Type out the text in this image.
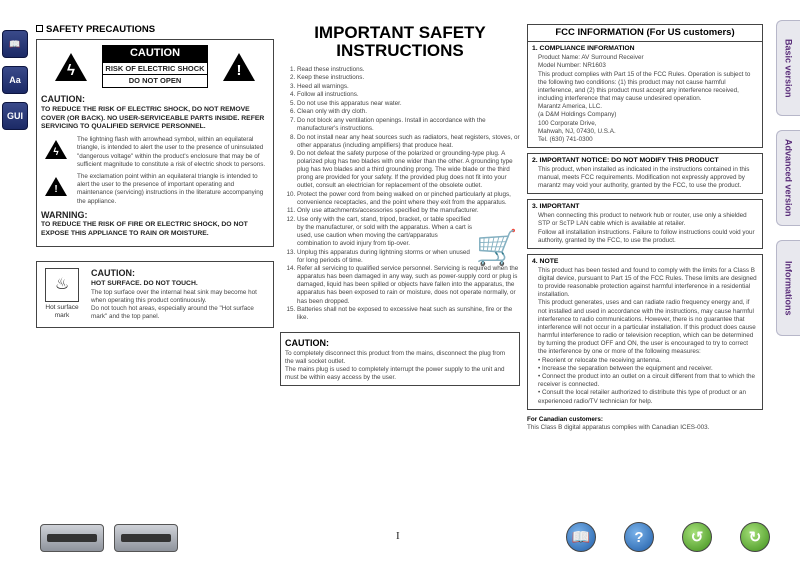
📖
Aa
GUI
Basic version
Advanced version
Informations
SAFETY PRECAUTIONS
ϟ
CAUTION
RISK OF ELECTRIC SHOCK
DO NOT OPEN
!
CAUTION:
TO REDUCE THE RISK OF ELECTRIC SHOCK, DO NOT REMOVE COVER (OR BACK). NO USER-SERVICEABLE PARTS INSIDE. REFER SERVICING TO QUALIFIED SERVICE PERSONNEL.
ϟ

The lightning flash with arrowhead symbol, within an equilateral triangle, is intended to alert the user to the presence of uninsulated "dangerous voltage" within the product's enclosure that may be of sufficient magnitude to constitute a risk of electric shock to persons.

!

The exclamation point within an equilateral triangle is intended to alert the user to the presence of important operating and maintenance (servicing) instructions in the literature accompanying the appliance.

WARNING:
TO REDUCE THE RISK OF FIRE OR ELECTRIC SHOCK, DO NOT EXPOSE THIS APPLIANCE TO RAIN OR MOISTURE.
♨
Hot surface mark
CAUTION:
HOT SURFACE. DO NOT TOUCH.

The top surface over the internal heat sink may become hot when operating this product continuously.

Do not touch hot areas, especially around the "Hot surface mark" and the top panel.

IMPORTANT SAFETY INSTRUCTIONS
🛒
1. Read these instructions.
2. Keep these instructions.
3. Heed all warnings.
4. Follow all instructions.
5. Do not use this apparatus near water.
6. Clean only with dry cloth.
7. Do not block any ventilation openings. Install in accordance with the manufacturer's instructions.
8. Do not install near any heat sources such as radiators, heat registers, stoves, or other apparatus (including amplifiers) that produce heat.
9. Do not defeat the safety purpose of the polarized or grounding-type plug. A polarized plug has two blades with one wider than the other. A grounding type plug has two blades and a third grounding prong. The wide blade or the third prong are provided for your safety. If the provided plug does not fit into your outlet, consult an electrician for replacement of the obsolete outlet.
10. Protect the power cord from being walked on or pinched particularly at plugs, convenience receptacles, and the point where they exit from the apparatus.
11. Only use attachments/accessories specified by the manufacturer.
12. Use only with the cart, stand, tripod, bracket, or table specified by the manufacturer, or sold with the apparatus. When a cart is used, use caution when moving the cart/apparatus combination to avoid injury from tip-over.
13. Unplug this apparatus during lightning storms or when unused for long periods of time.
14. Refer all servicing to qualified service personnel. Servicing is required when the apparatus has been damaged in any way, such as power-supply cord or plug is damaged, liquid has been spilled or objects have fallen into the apparatus, the apparatus has been exposed to rain or moisture, does not operate normally, or has been dropped.
15. Batteries shall not be exposed to excessive heat such as sunshine, fire or the like.
CAUTION:

To completely disconnect this product from the mains, disconnect the plug from the wall socket outlet.

The mains plug is used to completely interrupt the power supply to the unit and must be within easy access by the user.

FCC INFORMATION (For US customers)
1. COMPLIANCE INFORMATION

Product Name: AV Surround Receiver

Model Number: NR1603

This product complies with Part 15 of the FCC Rules. Operation is subject to the following two conditions: (1) this product may not cause harmful interference, and (2) this product must accept any interference received, including interference that may cause undesired operation.

Marantz America, LLC.

(a D&M Holdings Company)

100 Corporate Drive,

Mahwah, NJ, 07430, U.S.A.

Tel. (630) 741-0300

2. IMPORTANT NOTICE: DO NOT MODIFY THIS PRODUCT

This product, when installed as indicated in the instructions contained in this manual, meets FCC requirements. Modification not expressly approved by marantz may void your authority, granted by the FCC, to use the product.

3. IMPORTANT

When connecting this product to network hub or router, use only a shielded STP or ScTP LAN cable which is available at retailer.

Follow all installation instructions. Failure to follow instructions could void your authority, granted by the FCC, to use the product.

4. NOTE

This product has been tested and found to comply with the limits for a Class B digital device, pursuant to Part 15 of the FCC Rules. These limits are designed to provide reasonable protection against harmful interference in a residential installation.

This product generates, uses and can radiate radio frequency energy and, if not installed and used in accordance with the instructions, may cause harmful interference to radio communications. However, there is no guarantee that interference will not occur in a particular installation. If this product does cause harmful interference to radio or television reception, which can be determined by turning the product OFF and ON, the user is encouraged to try to correct the interference by one or more of the following measures:

• Reorient or relocate the receiving antenna.

• Increase the separation between the equipment and receiver.

• Connect the product into an outlet on a circuit different from that to which the receiver is connected.

• Consult the local retailer authorized to distribute this type of product or an experienced radio/TV technician for help.

For Canadian customers:

This Class B digital apparatus complies with Canadian ICES-003.

I	📖	?	↺	↻
